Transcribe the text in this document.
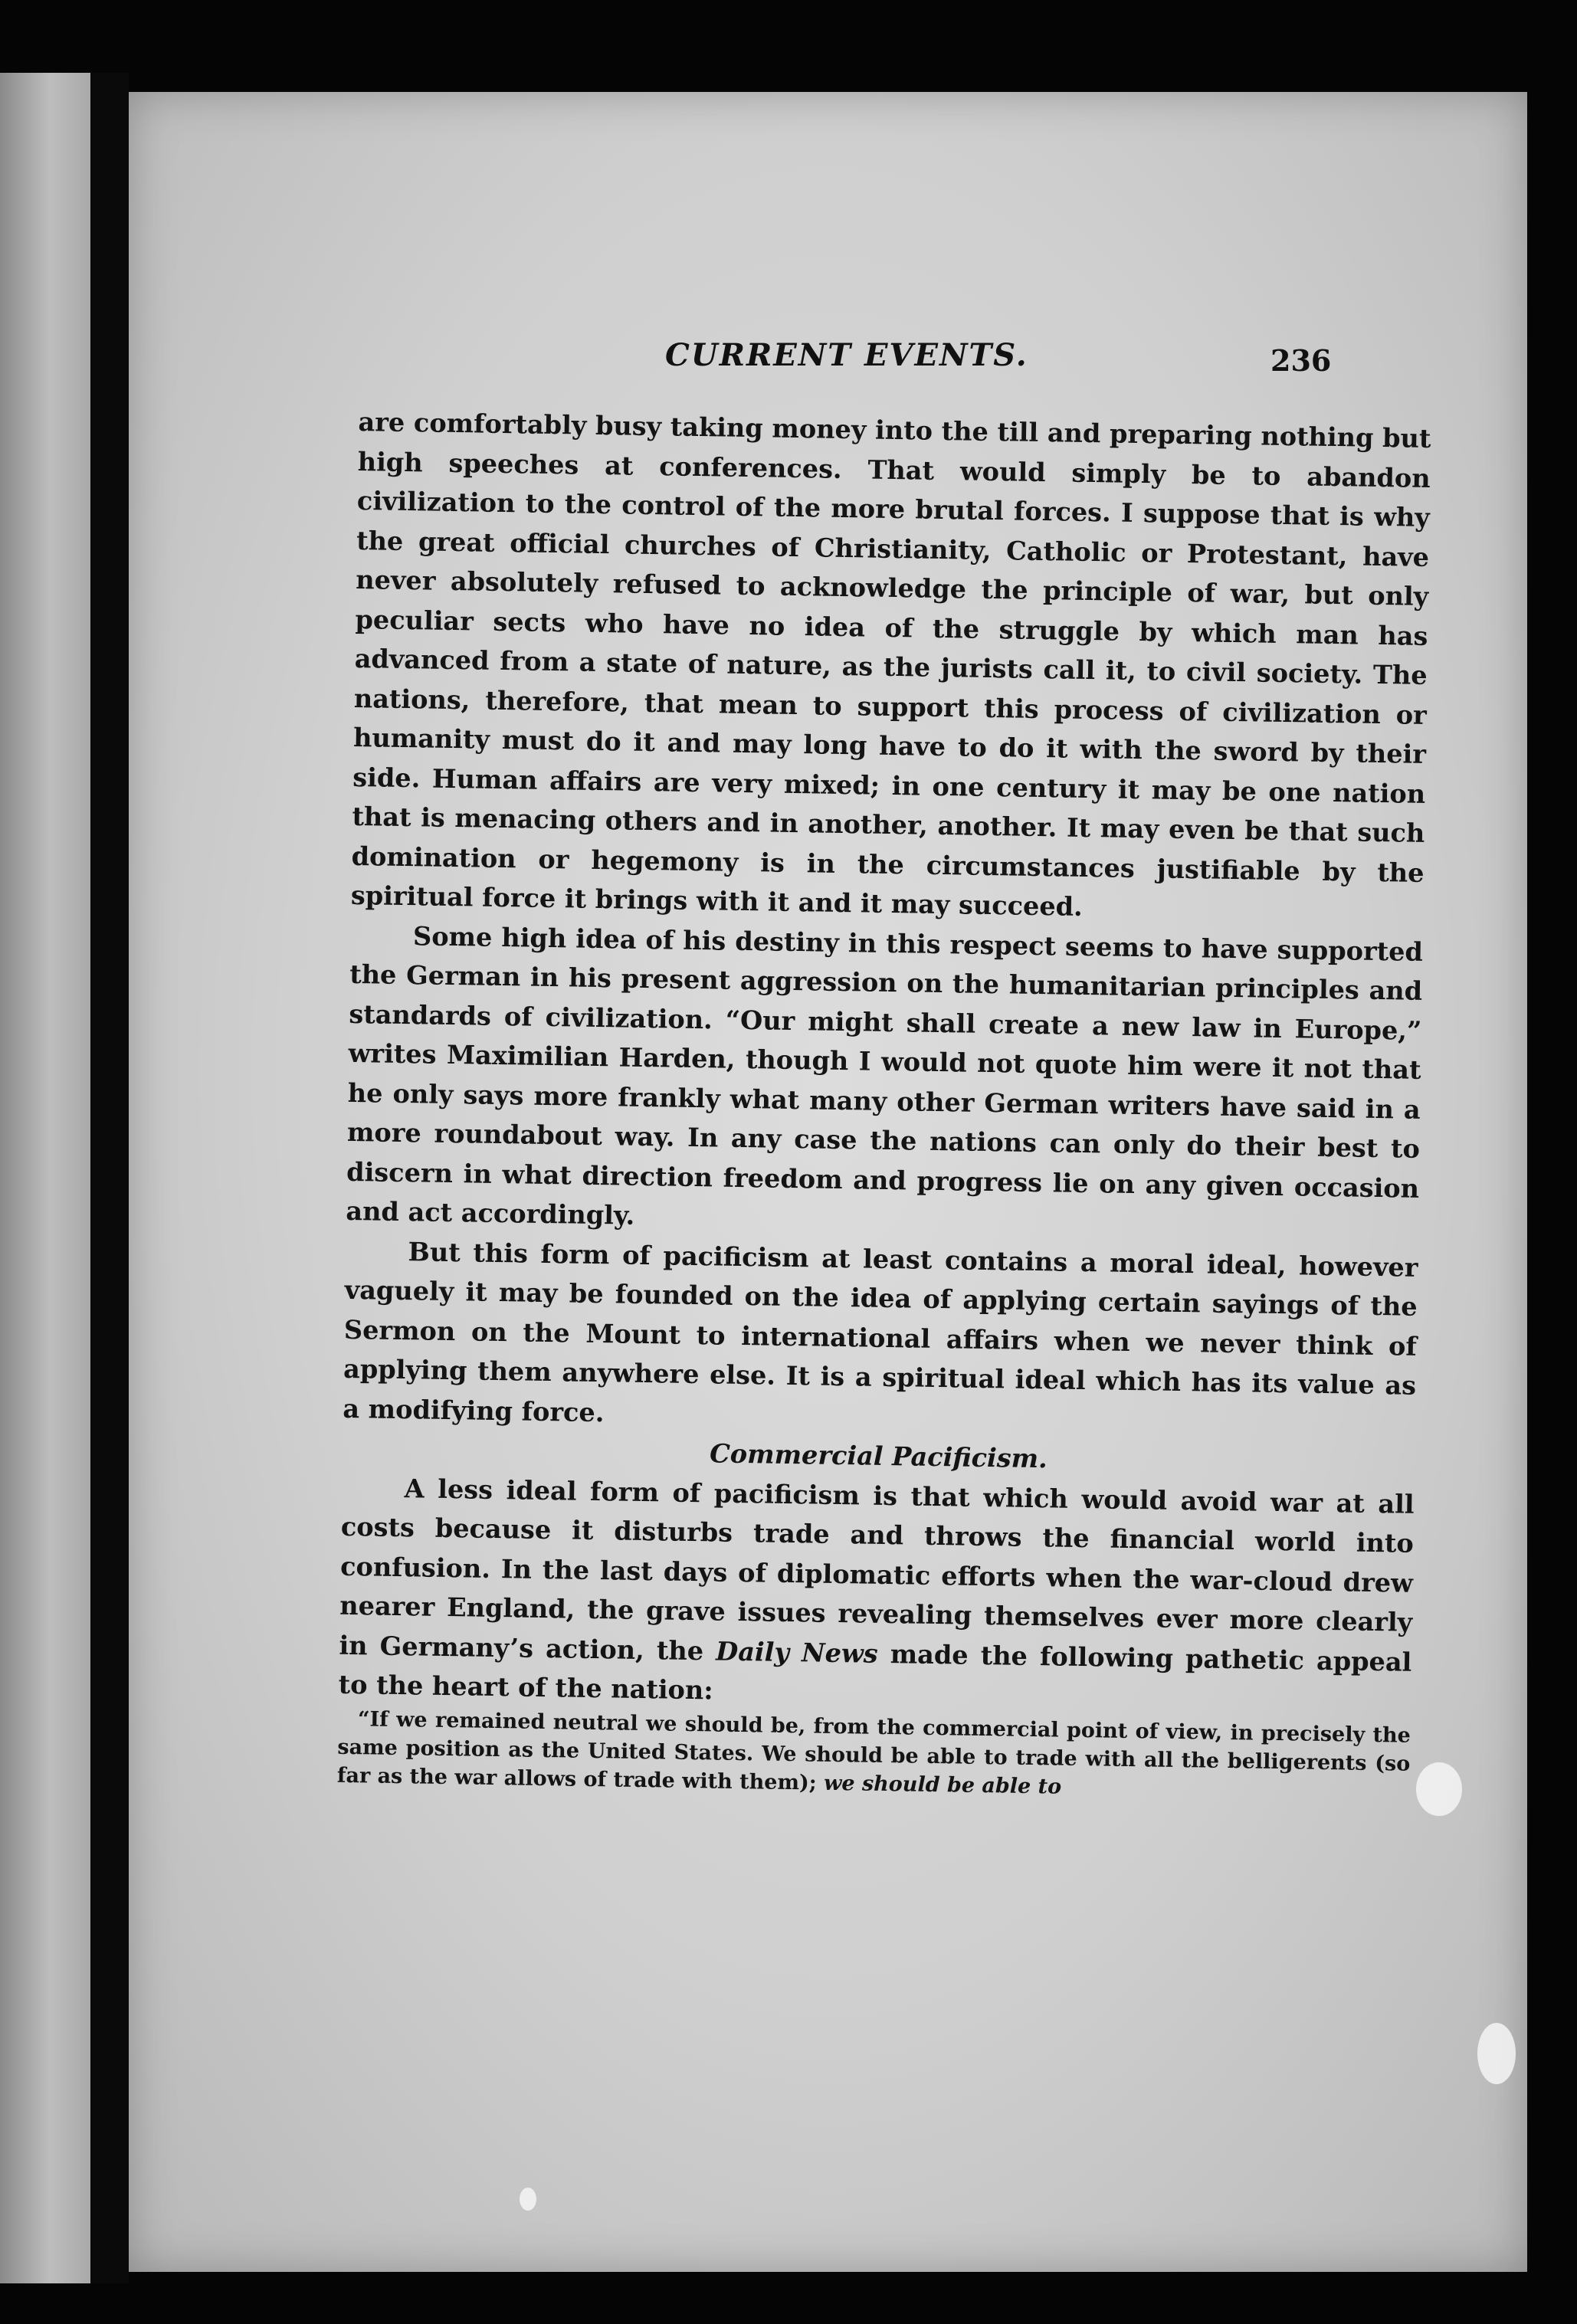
CURRENT EVENTS.	236

are comfortably busy taking money into the till and preparing nothing but high speeches at conferences. That would simply be to abandon civilization to the control of the more brutal forces. I suppose that is why the great official churches of Christianity, Catholic or Protestant, have never absolutely refused to acknowledge the principle of war, but only peculiar sects who have no idea of the struggle by which man has advanced from a state of nature, as the jurists call it, to civil society. The nations, therefore, that mean to support this process of civilization or humanity must do it and may long have to do it with the sword by their side. Human affairs are very mixed; in one century it may be one nation that is menacing others and in another, another. It may even be that such domination or hegemony is in the circumstances justifiable by the spiritual force it brings with it and it may succeed.

Some high idea of his destiny in this respect seems to have supported the German in his present aggression on the humanitarian principles and standards of civilization. “Our might shall create a new law in Europe,” writes Maximilian Harden, though I would not quote him were it not that he only says more frankly what many other German writers have said in a more roundabout way. In any case the nations can only do their best to discern in what direction freedom and progress lie on any given occasion and act accordingly.

But this form of pacificism at least contains a moral ideal, however vaguely it may be founded on the idea of applying certain sayings of the Sermon on the Mount to international affairs when we never think of applying them anywhere else. It is a spiritual ideal which has its value as a modifying force.

Commercial Pacificism.

A less ideal form of pacificism is that which would avoid war at all costs because it disturbs trade and throws the financial world into confusion. In the last days of diplomatic efforts when the war-cloud drew nearer England, the grave issues revealing themselves ever more clearly in Germany’s action, the Daily News made the following pathetic appeal to the heart of the nation:

“If we remained neutral we should be, from the commercial point of view, in precisely the same position as the United States. We should be able to trade with all the belligerents (so far as the war allows of trade with them); we should be able to
